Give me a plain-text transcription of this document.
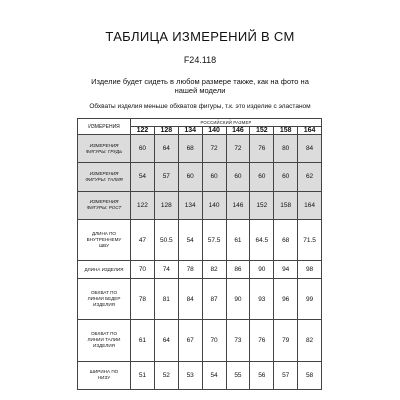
ТАБЛИЦА ИЗМЕРЕНИЙ В СМ
F24.118
Изделие будет сидеть в любом размере также, как на фото на
нашей модели
Обхваты изделия меньше обхватов фигуры, т.к. это изделие с эластаном
ИЗМЕРЕНИЯ	РОССИЙСКИЙ РАЗМЕР							
	122	128	134	140	146	152	158	164

ИЗМЕРЕНИЯ
ФИГУРЫ: ГРУДЬ	60	64	68	72	72	76	80	84

ИЗМЕРЕНИЯ
ФИГУРЫ: ТАЛИЯ	54	57	60	60	60	60	60	62

ИЗМЕРЕНИЯ
ФИГУРЫ: РОСТ	122	128	134	140	146	152	158	164

ДЛИНА ПО
ВНУТРЕННЕМУ
ШВУ	47	50.5	54	57.5	61	64.5	68	71.5

ДЛИНА ИЗДЕЛИЯ	70	74	78	82	86	90	94	98

ОБХВАТ ПО
ЛИНИИ БЕДЕР
ИЗДЕЛИЯ	78	81	84	87	90	93	96	99

ОБХВАТ ПО
ЛИНИИ ТАЛИИ
ИЗДЕЛИЯ	61	64	67	70	73	76	79	82

ШИРИНА ПО
НИЗУ	51	52	53	54	55	56	57	58
